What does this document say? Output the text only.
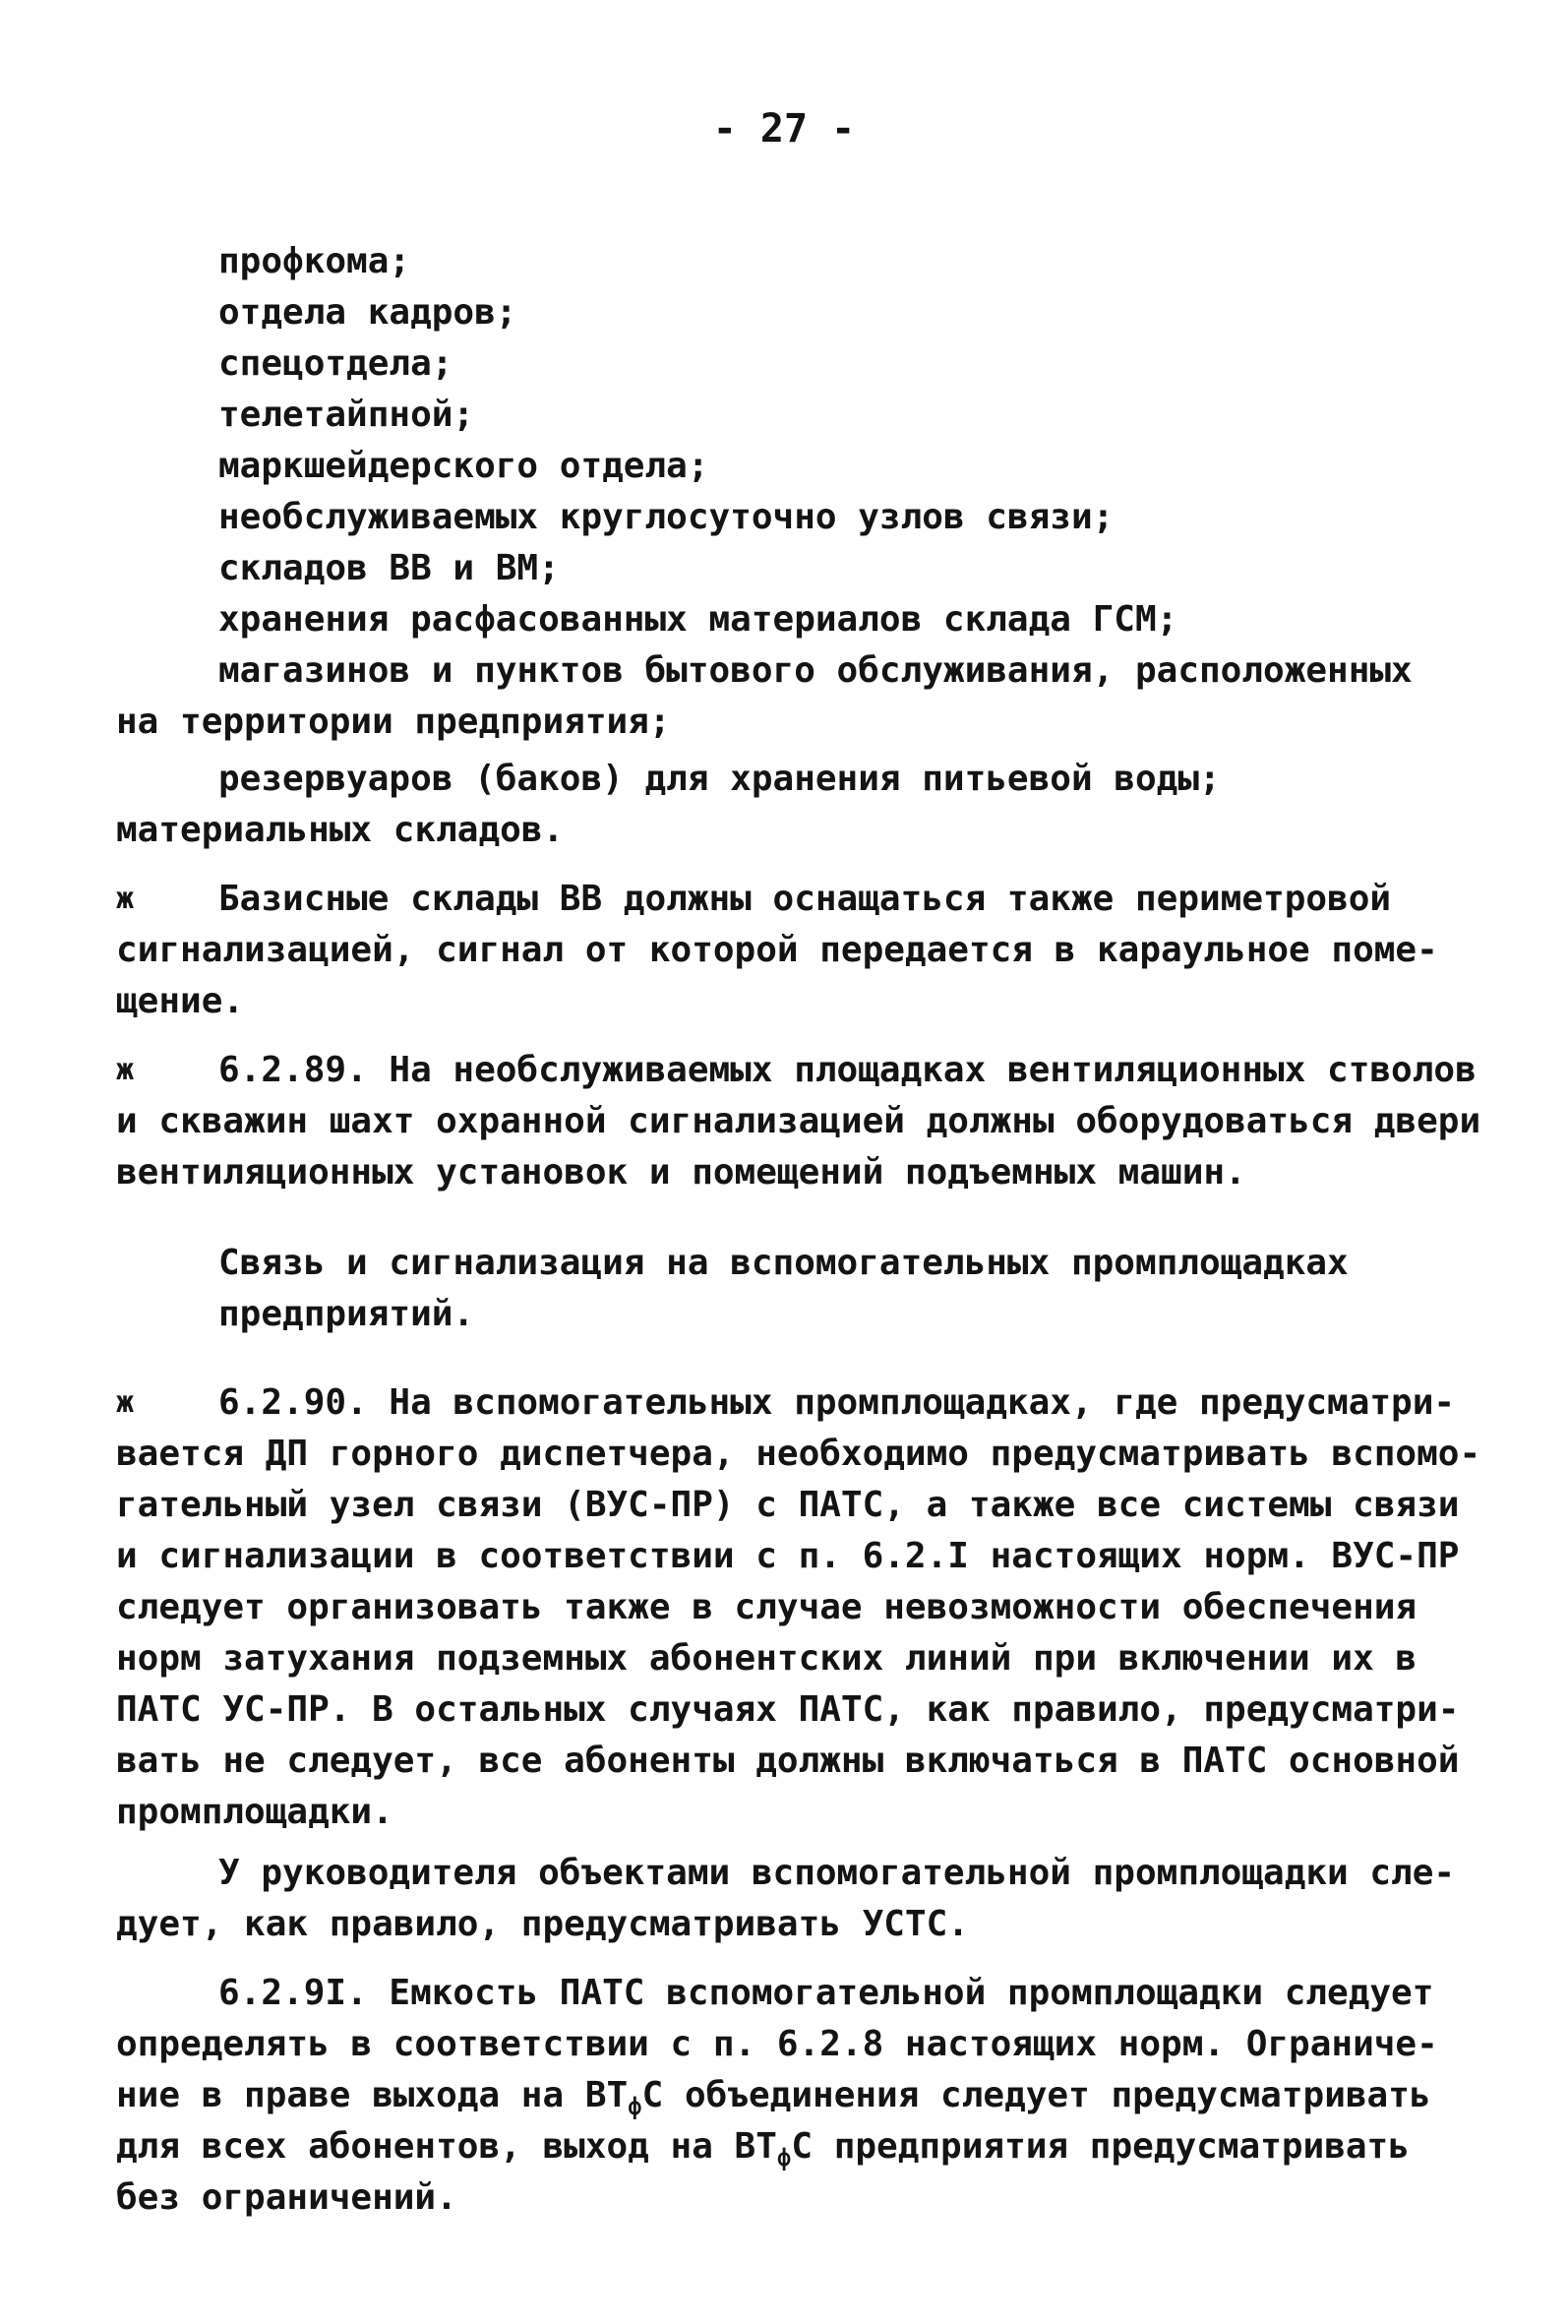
- 27 -
профкома;
отдела кадров;
спецотдела;
телетайпной;
маркшейдерского отдела;
необслуживаемых круглосуточно узлов связи;
складов ВВ и ВМ;
хранения расфасованных материалов склада ГСМ;
магазинов и пунктов бытового обслуживания, расположенных
на территории предприятия;
резервуаров (баков) для хранения питьевой воды;
материальных складов.
ж Базисные склады ВВ должны оснащаться также периметровой
сигнализацией, сигнал от которой передается в караульное поме-
щение.
ж 6.2.89. На необслуживаемых площадках вентиляционных стволов
и скважин шахт охранной сигнализацией должны оборудоваться двери
вентиляционных установок и помещений подъемных машин.
Связь и сигнализация на вспомогательных промплощадках
предприятий.
ж 6.2.90. На вспомогательных промплощадках, где предусматри-
вается ДП горного диспетчера, необходимо предусматривать вспомо-
гательный узел связи (ВУС-ПР) с ПАТС, а также все системы связи
и сигнализации в соответствии с п. 6.2.I настоящих норм. ВУС-ПР
следует организовать также в случае невозможности обеспечения
норм затухания подземных абонентских линий при включении их в
ПАТС УС-ПР. В остальных случаях ПАТС, как правило, предусматри-
вать не следует, все абоненты должны включаться в ПАТС основной
промплощадки.
У руководителя объектами вспомогательной промплощадки сле-
дует, как правило, предусматривать УСТС.
6.2.9I. Емкость ПАТС вспомогательной промплощадки следует
определять в соответствии с п. 6.2.8 настоящих норм. Ограниче-
ние в праве выхода на $ВТ_фС$ объединения следует предусматривать
для всех абонентов, выход на $ВТ_фС$ предприятия предусматривать
без ограничений.
